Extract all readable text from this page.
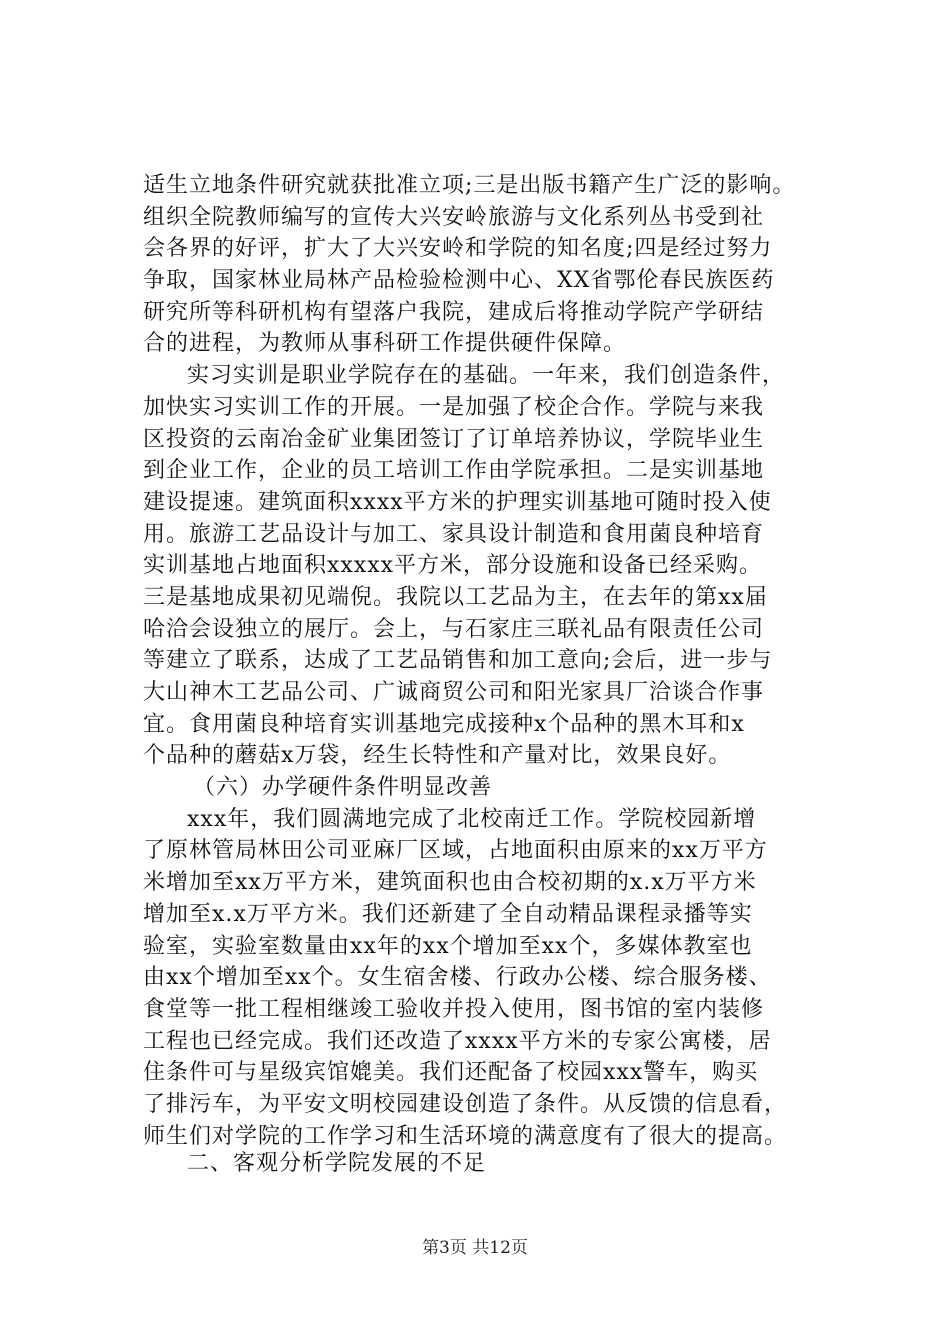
适生立地条件研究就获批准立项;三是出版书籍产生广泛的影响。
组织全院教师编写的宣传大兴安岭旅游与文化系列丛书受到社
会各界的好评，扩大了大兴安岭和学院的知名度;四是经过努力
争取，国家林业局林产品检验检测中心、XX省鄂伦春民族医药
研究所等科研机构有望落户我院，建成后将推动学院产学研结
合的进程，为教师从事科研工作提供硬件保障。
实习实训是职业学院存在的基础。一年来，我们创造条件，
加快实习实训工作的开展。一是加强了校企合作。学院与来我
区投资的云南冶金矿业集团签订了订单培养协议，学院毕业生
到企业工作，企业的员工培训工作由学院承担。二是实训基地
建设提速。建筑面积xxxx平方米的护理实训基地可随时投入使
用。旅游工艺品设计与加工、家具设计制造和食用菌良种培育
实训基地占地面积xxxxx平方米，部分设施和设备已经采购。
三是基地成果初见端倪。我院以工艺品为主，在去年的第xx届
哈洽会设独立的展厅。会上，与石家庄三联礼品有限责任公司
等建立了联系，达成了工艺品销售和加工意向;会后，进一步与
大山神木工艺品公司、广诚商贸公司和阳光家具厂洽谈合作事
宜。食用菌良种培育实训基地完成接种x个品种的黑木耳和x
个品种的蘑菇x万袋，经生长特性和产量对比，效果良好。
（六）办学硬件条件明显改善
xxx年，我们圆满地完成了北校南迁工作。学院校园新增
了原林管局林田公司亚麻厂区域，占地面积由原来的xx万平方
米增加至xx万平方米，建筑面积也由合校初期的x.x万平方米
增加至x.x万平方米。我们还新建了全自动精品课程录播等实
验室，实验室数量由xx年的xx个增加至xx个，多媒体教室也
由xx个增加至xx个。女生宿舍楼、行政办公楼、综合服务楼、
食堂等一批工程相继竣工验收并投入使用，图书馆的室内装修
工程也已经完成。我们还改造了xxxx平方米的专家公寓楼，居
住条件可与星级宾馆媲美。我们还配备了校园xxx警车，购买
了排污车，为平安文明校园建设创造了条件。从反馈的信息看，
师生们对学院的工作学习和生活环境的满意度有了很大的提高。
二、客观分析学院发展的不足
第3页 共12页
